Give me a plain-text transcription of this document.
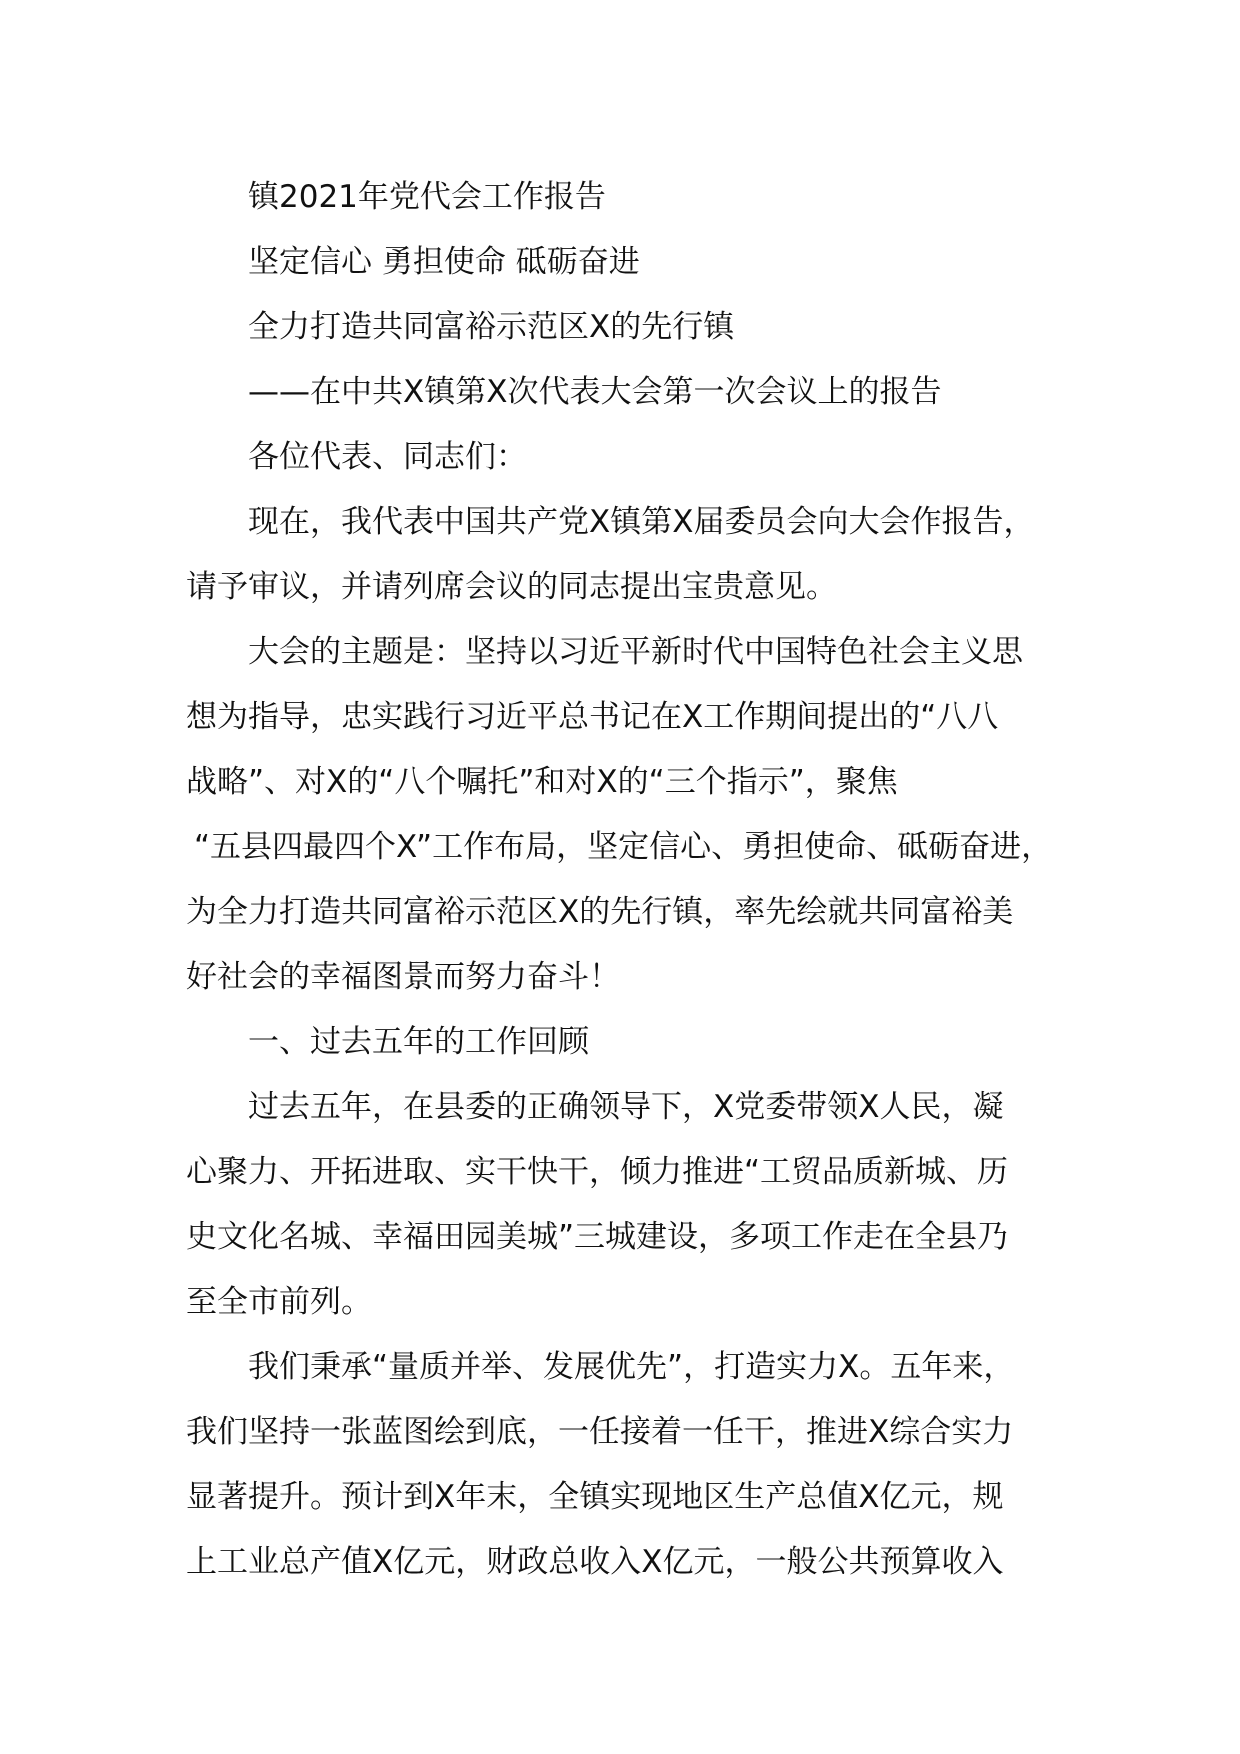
镇2021年党代会工作报告
坚定信心 勇担使命 砥砺奋进
全力打造共同富裕示范区X的先行镇
——在中共X镇第X次代表大会第一次会议上的报告
各位代表、同志们：
现在，我代表中国共产党X镇第X届委员会向大会作报告，
请予审议，并请列席会议的同志提出宝贵意见。
大会的主题是：坚持以习近平新时代中国特色社会主义思
想为指导，忠实践行习近平总书记在X工作期间提出的“八八
战略”、对X的“八个嘱托”和对X的“三个指示”，聚焦
“五县四最四个X”工作布局，坚定信心、勇担使命、砥砺奋进，
为全力打造共同富裕示范区X的先行镇，率先绘就共同富裕美
好社会的幸福图景而努力奋斗！
一、过去五年的工作回顾
过去五年，在县委的正确领导下，X党委带领X人民，凝
心聚力、开拓进取、实干快干，倾力推进“工贸品质新城、历
史文化名城、幸福田园美城”三城建设，多项工作走在全县乃
至全市前列。
我们秉承“量质并举、发展优先”，打造实力X。五年来，
我们坚持一张蓝图绘到底，一任接着一任干，推进X综合实力
显著提升。预计到X年末，全镇实现地区生产总值X亿元，规
上工业总产值X亿元，财政总收入X亿元，一般公共预算收入
